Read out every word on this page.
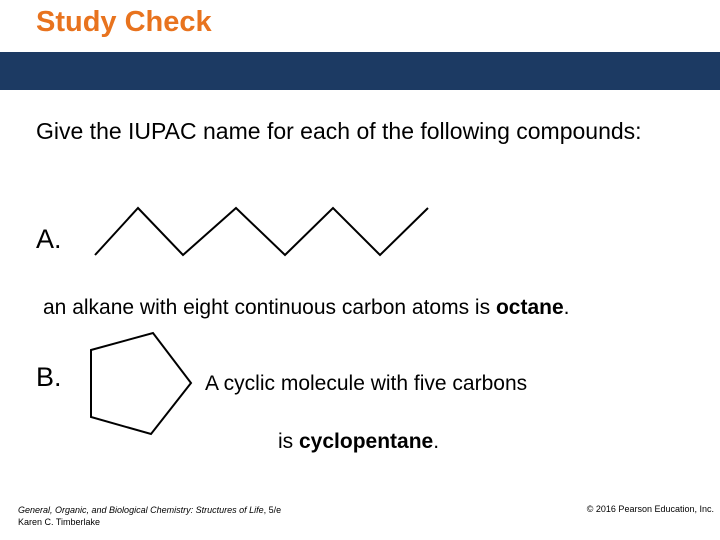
Study Check
Give the IUPAC name for each of the following compounds:
A.
an alkane with eight continuous carbon atoms is octane.
B.	A cyclic molecule with five carbons
is cyclopentane.
General, Organic, and Biological Chemistry: Structures of Life, 5/e
Karen C. Timberlake
© 2016 Pearson Education, Inc.
